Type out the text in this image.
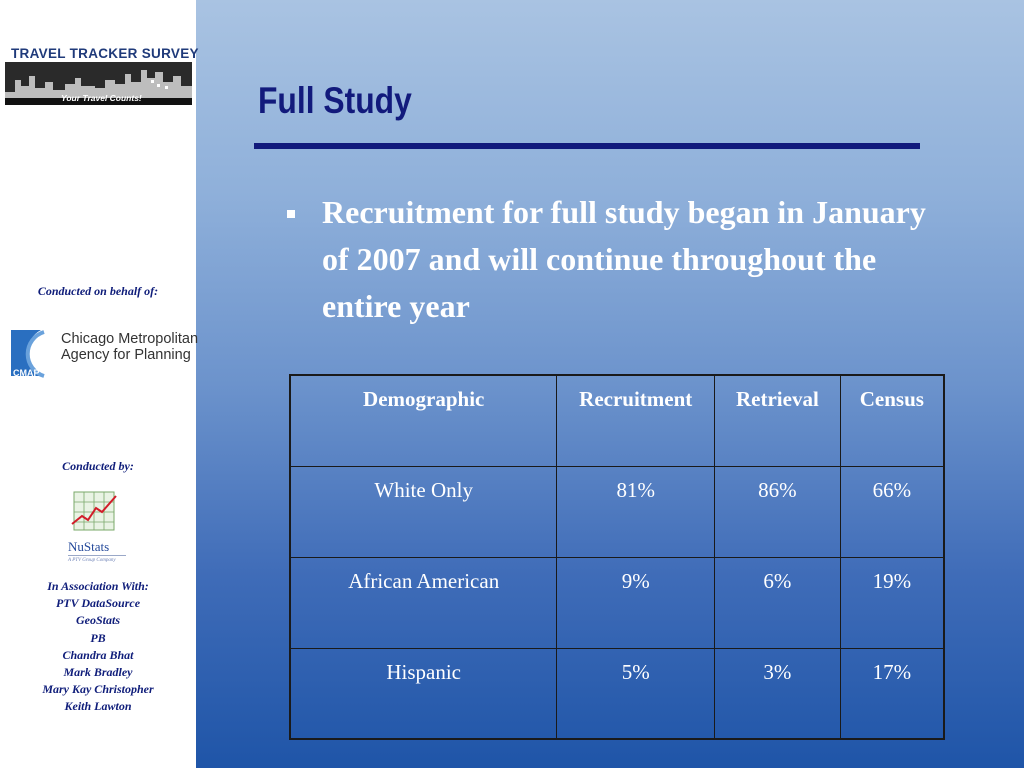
TRAVEL TRACKER SURVEY
Your Travel Counts!
Conducted on behalf of:
CMAP
Chicago Metropolitan
Agency for Planning
Conducted by:
NuStats
A PTV Group Company
In Association With:
PTV DataSource
GeoStats
PB
Chandra Bhat
Mark Bradley
Mary Kay Christopher
Keith Lawton
Full Study
Recruitment for full study began in January of 2007 and will continue throughout the entire year
Demographic	Recruitment	Retrieval	Census
White Only	81%	86%	66%
African American	9%	6%	19%
Hispanic	5%	3%	17%
